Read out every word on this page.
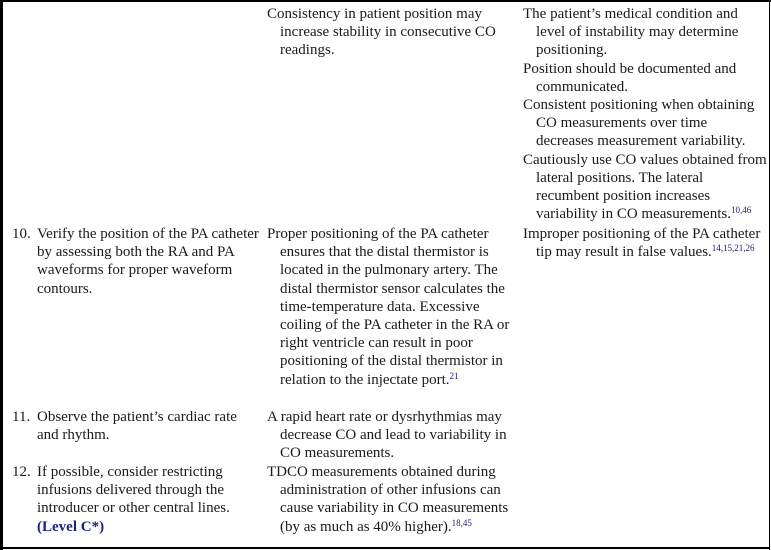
Consistency in patient position may increase stability in consecutive CO readings.

The patient’s medical condition and level of instability may determine positioning.

Position should be documented and communicated.

Consistent positioning when obtaining CO measurements over time decreases measurement variability.

Cautiously use CO values obtained from lateral positions. The lateral recumbent position increases variability in CO measurements.$^{10,46}$

10. Verify the position of the PA catheter by assessing both the RA and PA waveforms for proper waveform contours.

Proper positioning of the PA catheter ensures that the distal thermistor is located in the pulmonary artery. The distal thermistor sensor calculates the time-temperature data. Excessive coiling of the PA catheter in the RA or right ventricle can result in poor positioning of the distal thermistor in relation to the injectate port.$^{21}$

Improper positioning of the PA catheter tip may result in false values.$^{14,15,21,26}$

11. Observe the patient’s cardiac rate and rhythm.

A rapid heart rate or dysrhythmias may decrease CO and lead to variability in CO measurements.

12. If possible, consider restricting infusions delivered through the introducer or other central lines.
(Level C*)

TDCO measurements obtained during administration of other infusions can cause variability in CO measurements (by as much as 40% higher).$^{18,45}$
